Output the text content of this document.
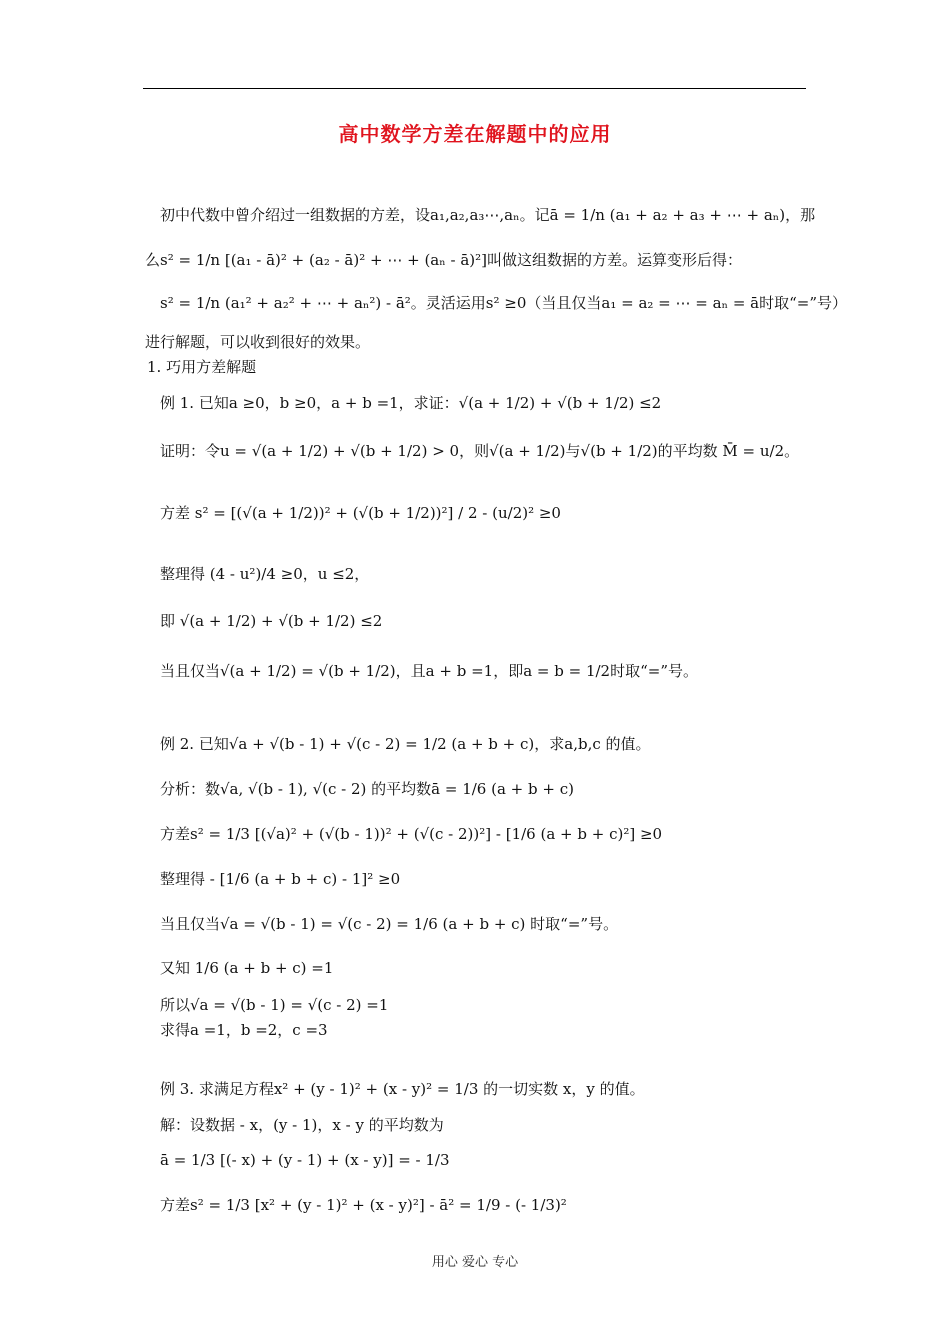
高中数学方差在解题中的应用
初中代数中曾介绍过一组数据的方差，设a₁,a₂,a₃⋯,aₙ。记ā = 1/n (a₁ + a₂ + a₃ + ⋯ + aₙ)，那
么s² = 1/n [(a₁ - ā)² + (a₂ - ā)² + ⋯ + (aₙ - ā)²]叫做这组数据的方差。运算变形后得：
s² = 1/n (a₁² + a₂² + ⋯ + aₙ²) - ā²。灵活运用s² ≥0（当且仅当a₁ = a₂ = ⋯ = aₙ = ā时取“=”号）
进行解题，可以收到很好的效果。
1. 巧用方差解题
例 1. 已知a ≥0，b ≥0，a + b =1，求证：√(a + 1/2) + √(b + 1/2) ≤2
证明：令u = √(a + 1/2) + √(b + 1/2) > 0，则√(a + 1/2)与√(b + 1/2)的平均数 M̄ = u/2。
方差 s² = [(√(a + 1/2))² + (√(b + 1/2))²] / 2 - (u/2)² ≥0
整理得 (4 - u²)/4 ≥0，u ≤2，
即 √(a + 1/2) + √(b + 1/2) ≤2
当且仅当√(a + 1/2) = √(b + 1/2)，且a + b =1，即a = b = 1/2时取“=”号。
例 2. 已知√a + √(b - 1) + √(c - 2) = 1/2 (a + b + c)，求a,b,c 的值。
分析：数√a, √(b - 1), √(c - 2) 的平均数ā = 1/6 (a + b + c)
方差s² = 1/3 [(√a)² + (√(b - 1))² + (√(c - 2))²] - [1/6 (a + b + c)²] ≥0
整理得 - [1/6 (a + b + c) - 1]² ≥0
当且仅当√a = √(b - 1) = √(c - 2) = 1/6 (a + b + c) 时取“=”号。
又知 1/6 (a + b + c) =1
所以√a = √(b - 1) = √(c - 2) =1
求得a =1，b =2，c =3
例 3. 求满足方程x² + (y - 1)² + (x - y)² = 1/3 的一切实数 x，y 的值。
解：设数据 - x，(y - 1)，x - y 的平均数为
ā = 1/3 [(- x) + (y - 1) + (x - y)] = - 1/3
方差s² = 1/3 [x² + (y - 1)² + (x - y)²] - ā² = 1/9 - (- 1/3)²
用心 爱心 专心
